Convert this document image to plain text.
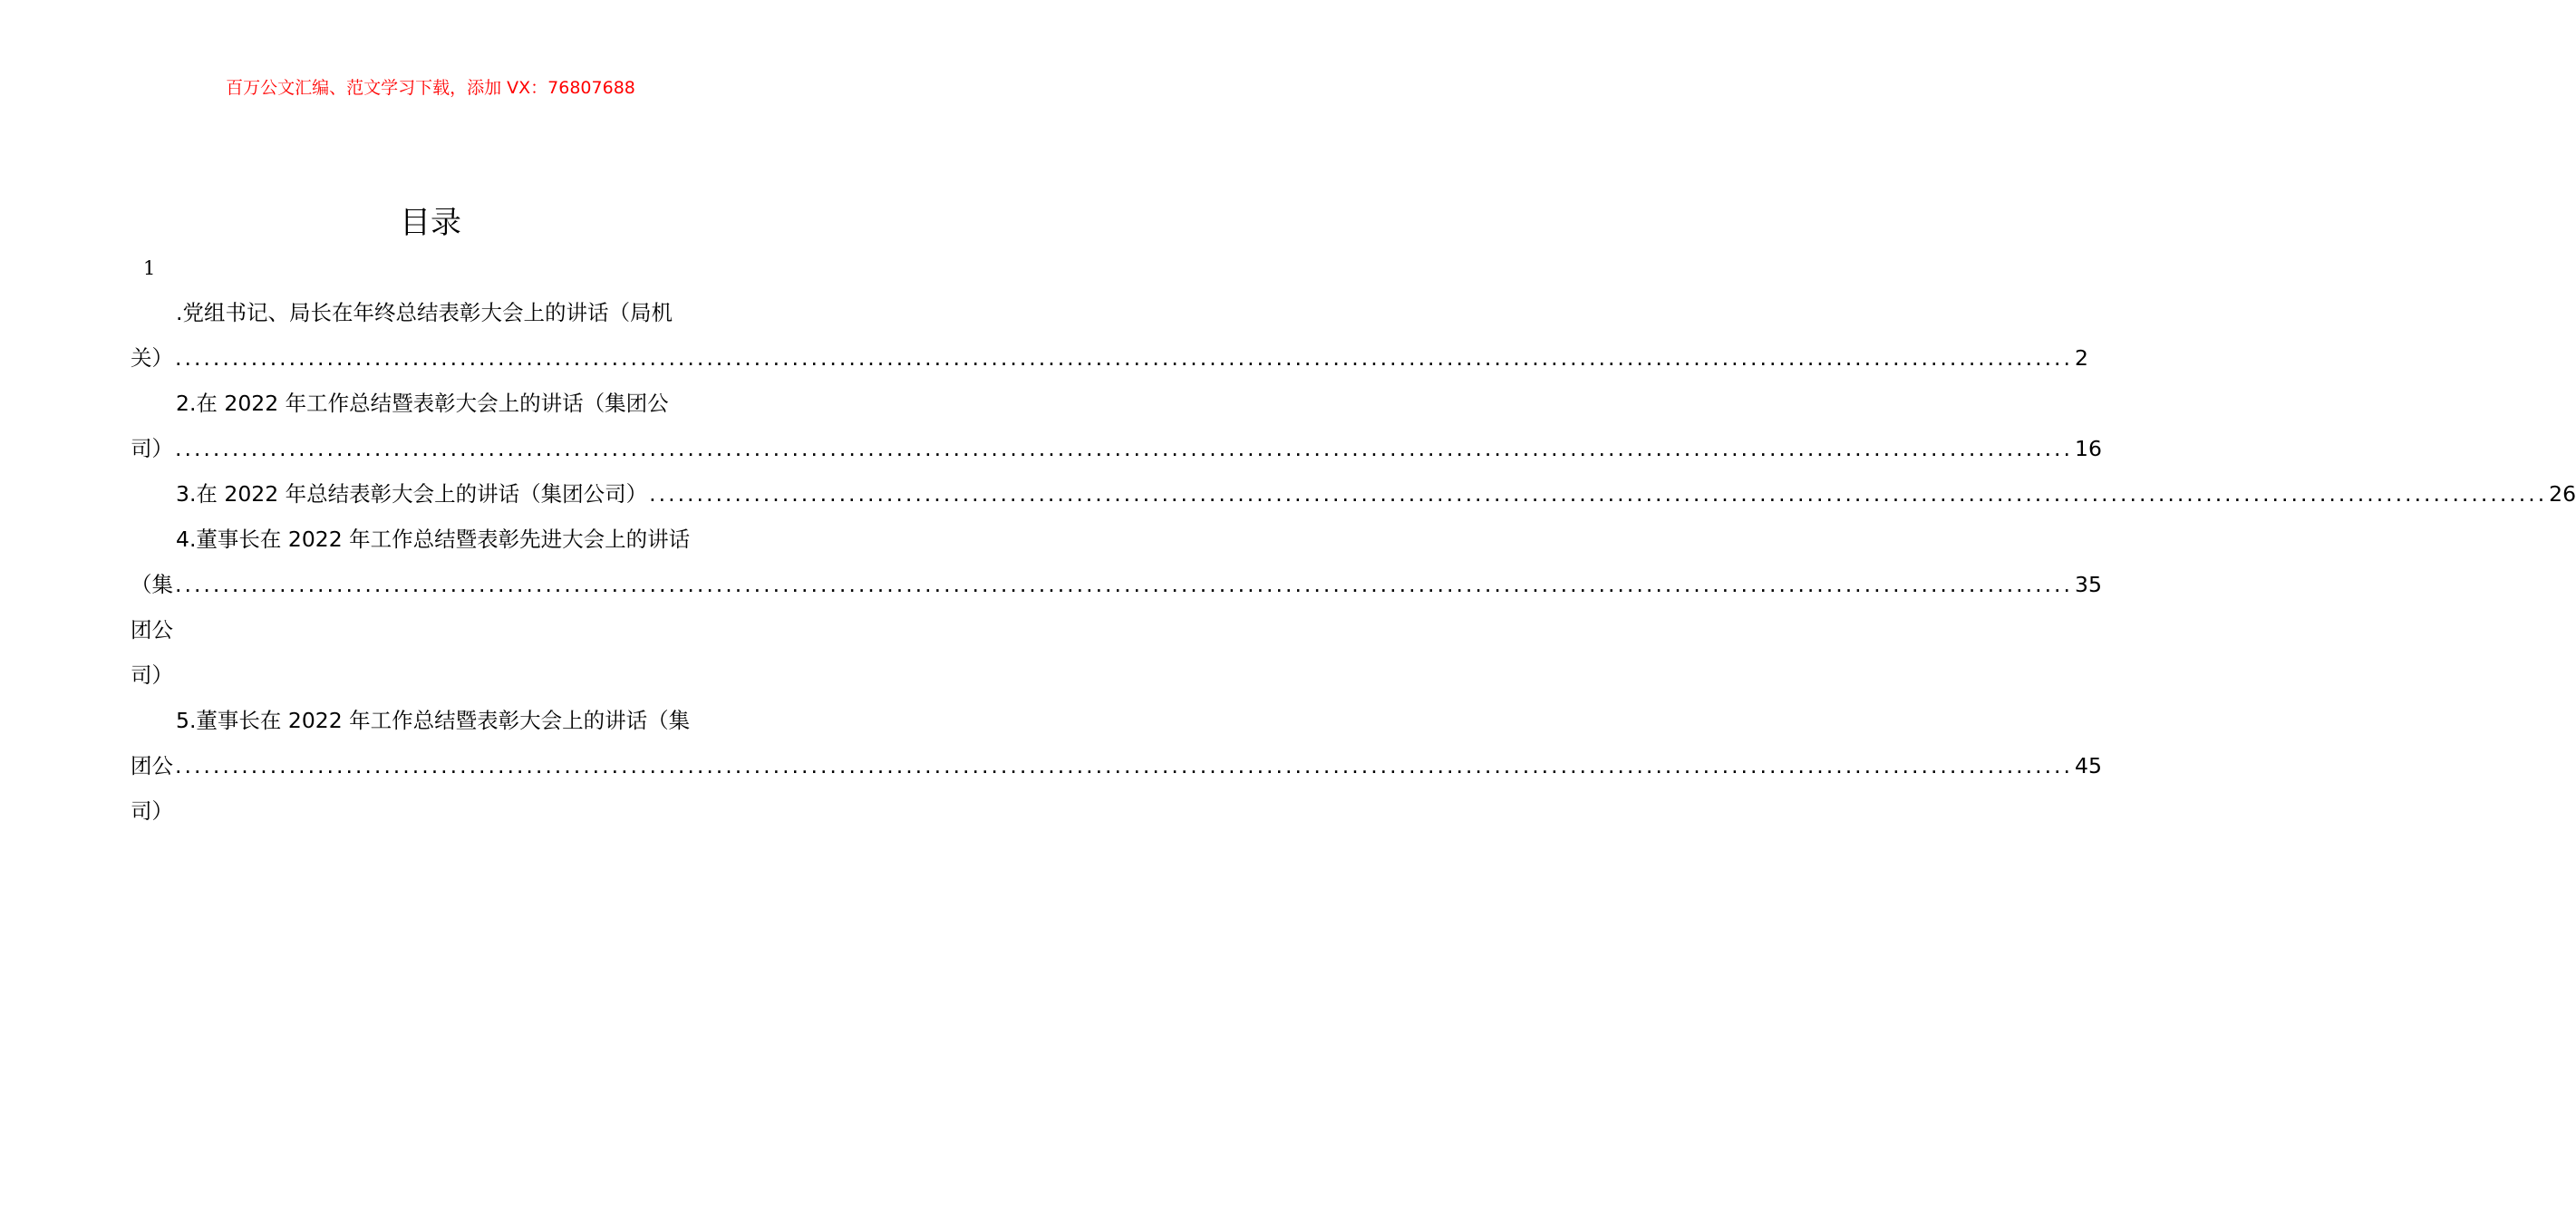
百万公文汇编、范文学习下载，添加 VX：76807688
目录
1
.党组书记、局长在年终总结表彰大会上的讲话（局机
关） ........................................................................................................................................................................................................ 2
2.在 2022 年工作总结暨表彰大会上的讲话（集团公
司） ........................................................................................................................................................................................................ 16
3.在 2022 年总结表彰大会上的讲话（集团公司） ........................................................................................................................................................................................................ 26
4.董事长在 2022 年工作总结暨表彰先进大会上的讲话
（集团公司）
........................................................................................................................................................................................................ 35
5.董事长在 2022 年工作总结暨表彰大会上的讲话（集
团公司）
........................................................................................................................................................................................................ 45
